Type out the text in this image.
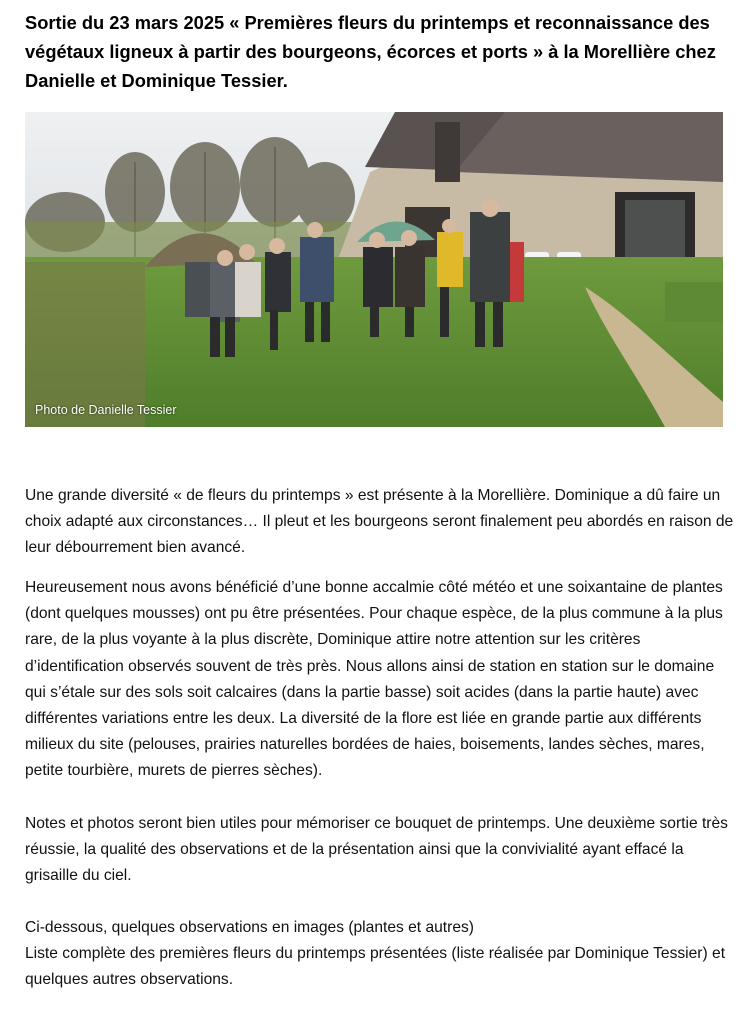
Sortie du 23 mars 2025 « Premières fleurs du printemps et reconnaissance des végétaux ligneux à partir des bourgeons, écorces et ports » à la Morellière chez Danielle et Dominique Tessier.
Photo de Danielle Tessier

Une grande diversité « de fleurs du printemps » est présente à la Morellière. Dominique a dû faire un choix adapté aux circonstances… Il pleut et les bourgeons seront finalement peu abordés en raison de leur débourrement bien avancé.

Heureusement nous avons bénéficié d’une bonne accalmie côté météo et une soixantaine de plantes (dont quelques mousses) ont pu être présentées. Pour chaque espèce, de la plus commune à la plus rare, de la plus voyante à la plus discrète, Dominique attire notre attention sur les critères d’identification observés souvent de très près. Nous allons ainsi de station en station sur le domaine qui s’étale sur des sols soit calcaires (dans la partie basse) soit acides (dans la partie haute) avec différentes variations entre les deux. La diversité de la flore est liée en grande partie aux différents milieux du site (pelouses, prairies naturelles bordées de haies, boisements, landes sèches, mares, petite tourbière, murets de pierres sèches).

Notes et photos seront bien utiles pour mémoriser ce bouquet de printemps. Une deuxième sortie très réussie, la qualité des observations et de la présentation ainsi que la convivialité ayant effacé la grisaille du ciel.

Ci-dessous, quelques observations en images (plantes et autres)

Liste complète des premières fleurs du printemps présentées (liste réalisée par Dominique Tessier) et quelques autres observations.
